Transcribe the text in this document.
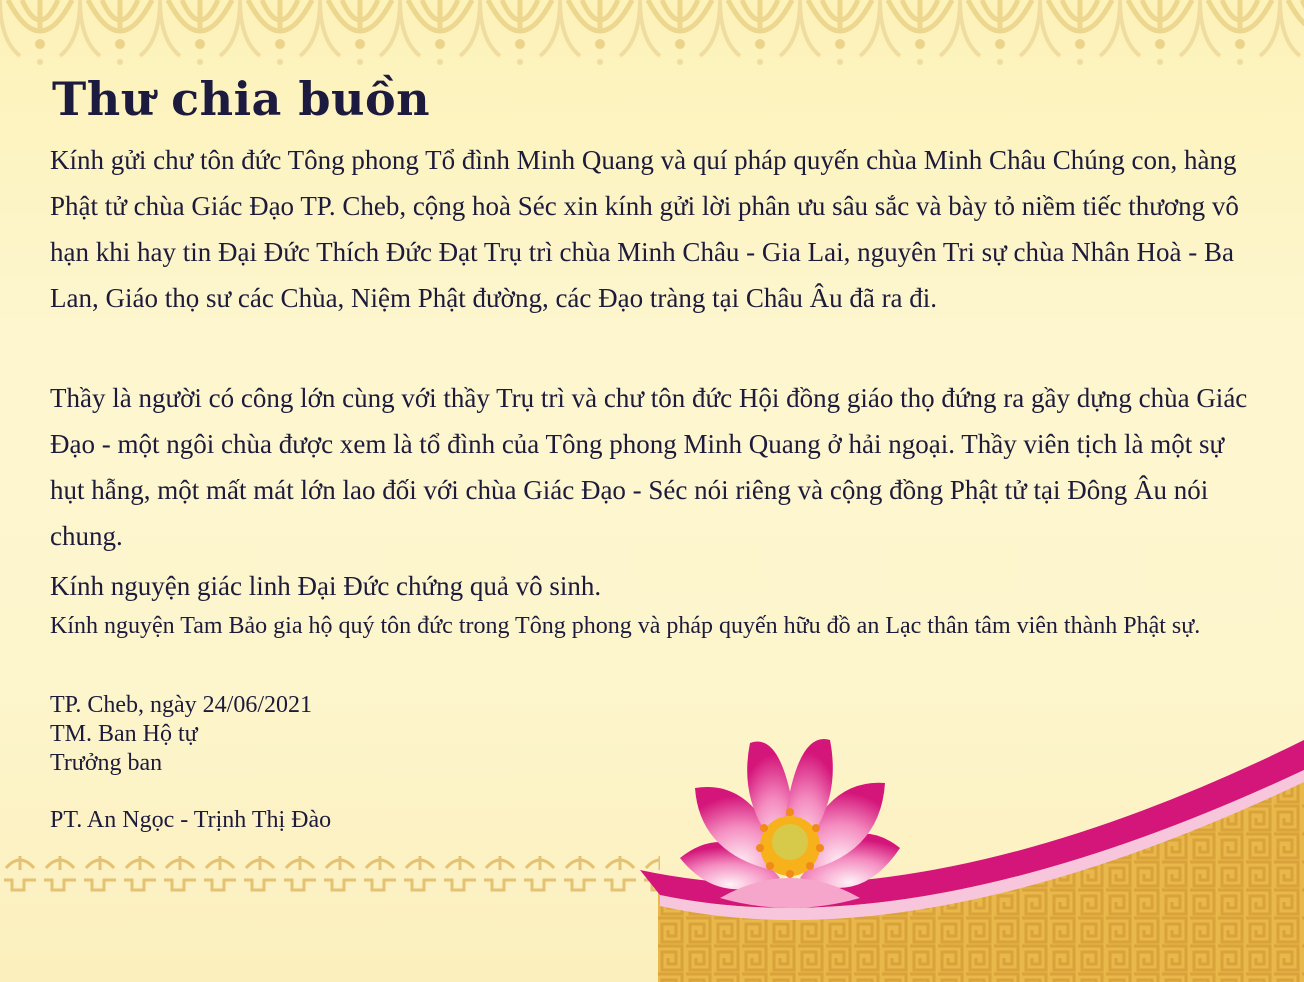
Thư chia buồn

Kính gửi chư tôn đức Tông phong Tổ đình Minh Quang và quí pháp quyến chùa Minh Châu Chúng con, hàng Phật tử chùa Giác Đạo TP. Cheb, cộng hoà Séc xin kính gửi lời phân ưu sâu sắc và bày tỏ niềm tiếc thương vô hạn khi hay tin Đại Đức Thích Đức Đạt Trụ trì chùa Minh Châu - Gia Lai, nguyên Tri sự chùa Nhân Hoà - Ba Lan, Giáo thọ sư các Chùa, Niệm Phật đường, các Đạo tràng tại Châu Âu đã ra đi.

Thầy là người có công lớn cùng với thầy Trụ trì và chư tôn đức Hội đồng giáo thọ đứng ra gầy dựng chùa Giác Đạo - một ngôi chùa được xem là tổ đình của Tông phong Minh Quang ở hải ngoại. Thầy viên tịch là một sự hụt hẫng, một mất mát lớn lao đối với chùa Giác Đạo - Séc nói riêng và cộng đồng Phật tử tại Đông Âu nói chung.

Kính nguyện giác linh Đại Đức chứng quả vô sinh.

Kính nguyện Tam Bảo gia hộ quý tôn đức trong Tông phong và pháp quyến hữu đồ an Lạc thân tâm viên thành Phật sự.

TP. Cheb, ngày 24/06/2021

TM. Ban Hộ tự

Trưởng ban

PT. An Ngọc - Trịnh Thị Đào
